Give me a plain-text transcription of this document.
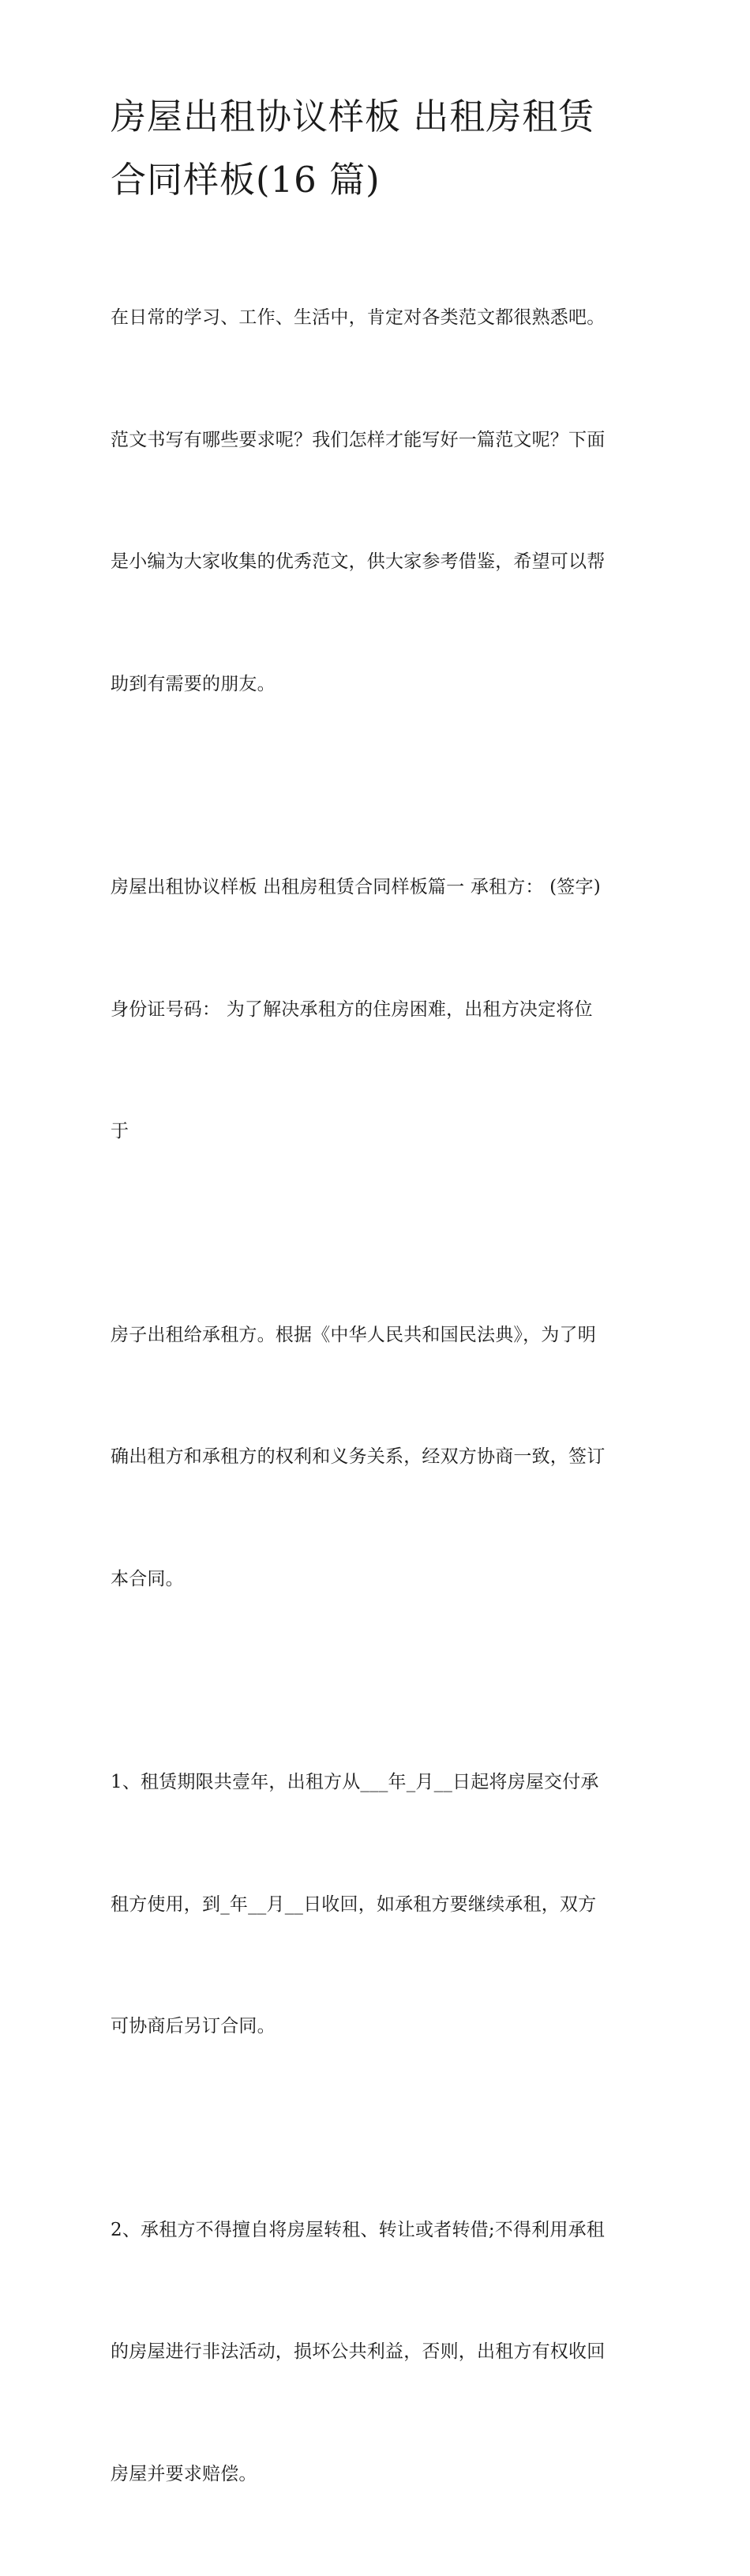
房屋出租协议样板 出租房租赁
合同样板(16 篇)

在日常的学习、工作、生活中，肯定对各类范文都很熟悉吧。

范文书写有哪些要求呢？我们怎样才能写好一篇范文呢？下面

是小编为大家收集的优秀范文，供大家参考借鉴，希望可以帮

助到有需要的朋友。

房屋出租协议样板 出租房租赁合同样板篇一 承租方： (签字)

身份证号码： 为了解决承租方的住房困难，出租方决定将位

于

房子出租给承租方。根据《中华人民共和国民法典》，为了明

确出租方和承租方的权利和义务关系，经双方协商一致，签订

本合同。

1、租赁期限共壹年，出租方从___年_月__日起将房屋交付承

租方使用，到_年__月__日收回，如承租方要继续承租，双方

可协商后另订合同。

2、承租方不得擅自将房屋转租、转让或者转借;不得利用承租

的房屋进行非法活动，损坏公共利益，否则，出租方有权收回

房屋并要求赔偿。
